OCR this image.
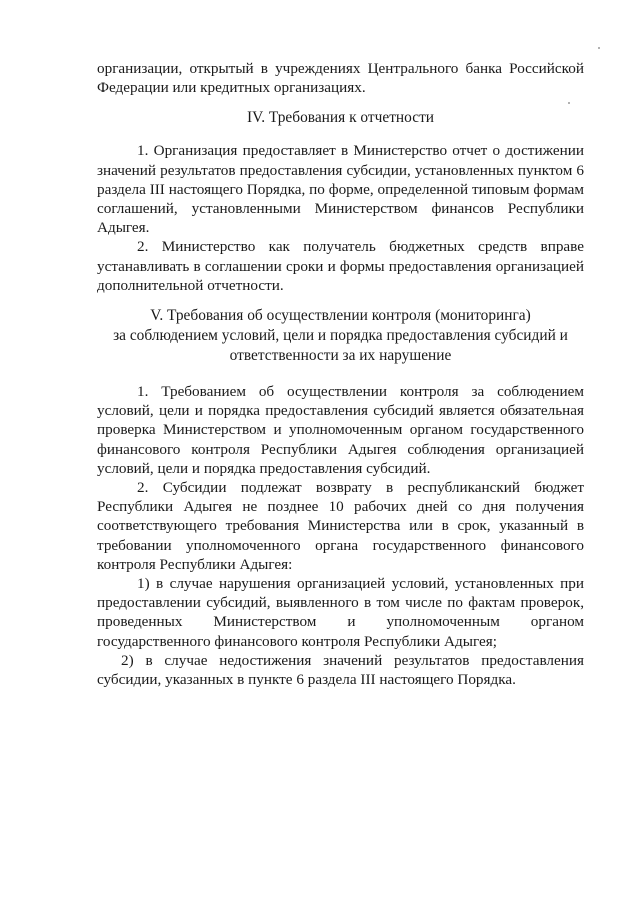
организации, открытый в учреждениях Центрального банка Российской Федерации или кредитных организациях.

IV. Требования к отчетности

1. Организация предоставляет в Министерство отчет о достижении значений результатов предоставления субсидии, установленных пунктом 6 раздела III настоящего Порядка, по форме, определенной типовым формам соглашений, установленными Министерством финансов Республики Адыгея.

2. Министерство как получатель бюджетных средств вправе устанавливать в соглашении сроки и формы предоставления организацией дополнительной отчетности.

V. Требования об осуществлении контроля (мониторинга)
за соблюдением условий, цели и порядка предоставления субсидий и
ответственности за их нарушение

1. Требованием об осуществлении контроля за соблюдением условий, цели и порядка предоставления субсидий является обязательная проверка Министерством и уполномоченным органом государственного финансового контроля Республики Адыгея соблюдения организацией условий, цели и порядка предоставления субсидий.

2. Субсидии подлежат возврату в республиканский бюджет Республики Адыгея не позднее 10 рабочих дней со дня получения соответствующего требования Министерства или в срок, указанный в требовании уполномоченного органа государственного финансового контроля Республики Адыгея:

1) в случае нарушения организацией условий, установленных при предоставлении субсидий, выявленного в том числе по фактам проверок, проведенных Министерством и уполномоченным органом государственного финансового контроля Республики Адыгея;

2) в случае недостижения значений результатов предоставления субсидии, указанных в пункте 6 раздела III настоящего Порядка.
